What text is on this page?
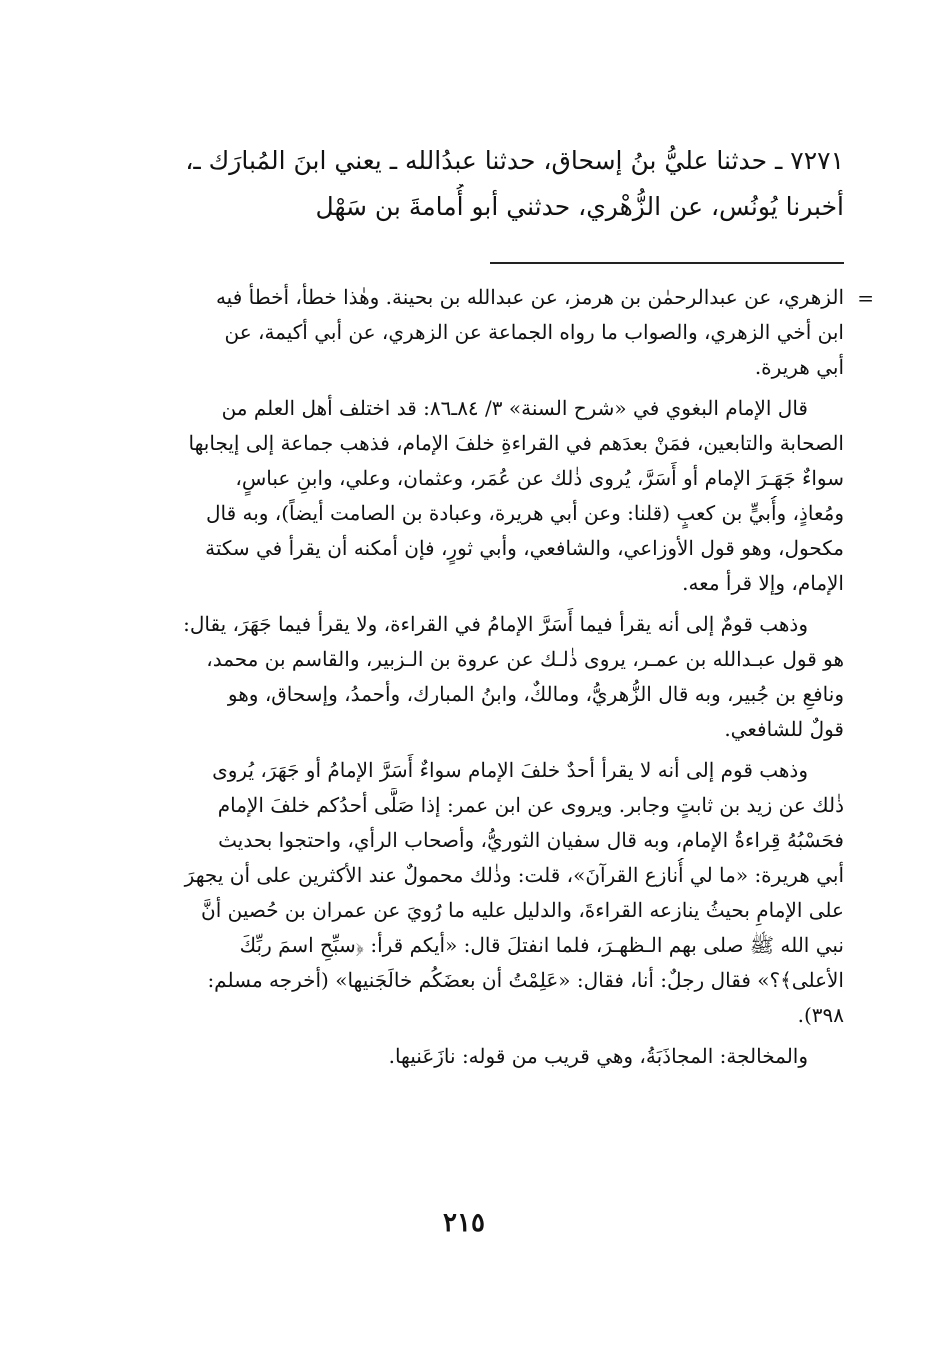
٧٢٧١ ـ حدثنا عليُّ بنُ إسحاق، حدثنا عبدُالله ـ يعني ابنَ المُبارَك ـ،
أخبرنا يُونُس، عن الزُّهْري، حدثني أبو أُمامةَ بن سَهْل
=
الزهري، عن عبدالرحمٰن بن هرمز، عن عبدالله بن بحينة. وهٰذا خطأ، أخطأ فيه
ابن أخي الزهري، والصواب ما رواه الجماعة عن الزهري، عن أبي أكيمة، عن
أبي هريرة.
قال الإمام البغوي في «شرح السنة» ٣/ ٨٤ـ٨٦: قد اختلف أهل العلم من
الصحابة والتابعين، فمَنْ بعدَهم في القراءةِ خلفَ الإمام، فذهب جماعة إلى إيجابها
سواءٌ جَهَـرَ الإمام أو أَسَرَّ، يُروى ذٰلك عن عُمَر، وعثمان، وعلي، وابنِ عباسٍ،
ومُعاذٍ، وأُبيٍّ بن كعبٍ (قلنا: وعن أبي هريرة، وعبادة بن الصامت أيضاً)، وبه قال
مكحول، وهو قول الأوزاعي، والشافعي، وأبي ثورٍ، فإن أمكنه أن يقرأ في سكتة
الإمام، وإلا قرأ معه.
وذهب قومٌ إلى أنه يقرأ فيما أَسَرَّ الإمامُ في القراءة، ولا يقرأ فيما جَهَرَ، يقال:
هو قول عبـدالله بن عمـر، يروى ذٰلـك عن عروة بن الـزبير، والقاسم بن محمد،
ونافعِ بن جُبير، وبه قال الزُّهريُّ، ومالكٌ، وابنُ المبارك، وأحمدُ، وإسحاق، وهو
قولٌ للشافعي.
وذهب قوم إلى أنه لا يقرأ أحدٌ خلفَ الإمام سواءٌ أَسَرَّ الإمامُ أو جَهَرَ، يُروى
ذٰلك عن زيد بن ثابتٍ وجابر. ويروى عن ابن عمر: إذا صَلَّى أحدُكم خلفَ الإمام
فحَسْبُهُ قِراءةُ الإمام، وبه قال سفيان الثوريُّ، وأصحاب الرأي، واحتجوا بحديث
أبي هريرة: «ما لي أُنازع القرآنَ»، قلت: وذٰلك محمولٌ عند الأكثرين على أن يجهرَ
على الإمامِ بحيثُ ينازعه القراءةَ، والدليل عليه ما رُويَ عن عمران بن حُصين أنَّ
نبي الله ﷺ صلى بهم الـظهـرَ، فلما انفتلَ قال: «أيكم قرأ: ﴿سبِّحِ اسمَ ربِّكَ
الأعلى﴾؟» فقال رجلٌ: أنا، فقال: «عَلِمْتُ أن بعضَكُم خالَجَنيها» (أخرجه مسلم:
٣٩٨).
والمخالجة: المجاذَبَةُ، وهي قريب من قوله: نازَعَنيها.
٢١٥
